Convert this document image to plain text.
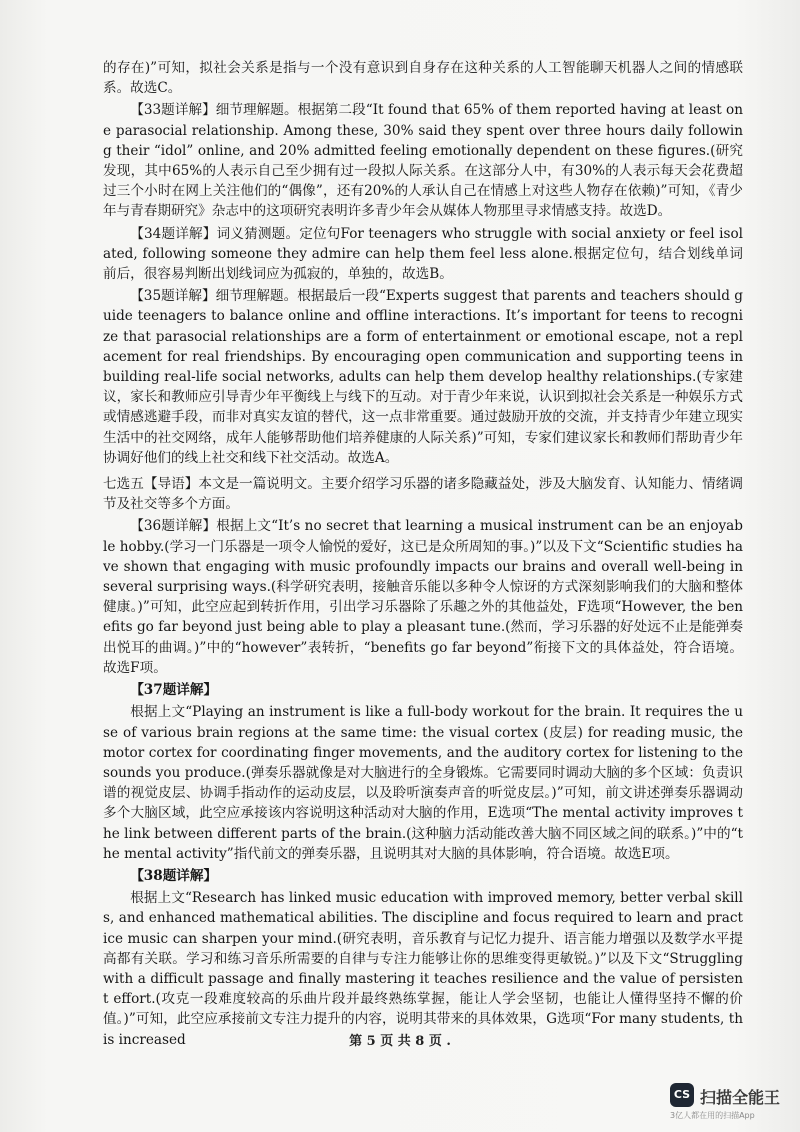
的存在)”可知，拟社会关系是指与一个没有意识到自身存在这种关系的人工智能聊天机器人之间的情感联系。故选C。

【33题详解】细节理解题。根据第二段“It found that 65% of them reported having at least one parasocial relationship. Among these, 30% said they spent over three hours daily following their “idol” online, and 20% admitted feeling emotionally dependent on these figures.(研究发现，其中65%的人表示自己至少拥有过一段拟人际关系。在这部分人中，有30%的人表示每天会花费超过三个小时在网上关注他们的“偶像”，还有20%的人承认自己在情感上对这些人物存在依赖)”可知，《青少年与青春期研究》杂志中的这项研究表明许多青少年会从媒体人物那里寻求情感支持。故选D。

【34题详解】词义猜测题。定位句For teenagers who struggle with social anxiety or feel isolated, following someone they admire can help them feel less alone.根据定位句，结合划线单词前后，很容易判断出划线词应为孤寂的，单独的，故选B。

【35题详解】细节理解题。根据最后一段“Experts suggest that parents and teachers should guide teenagers to balance online and offline interactions. It’s important for teens to recognize that parasocial relationships are a form of entertainment or emotional escape, not a replacement for real friendships. By encouraging open communication and supporting teens in building real-life social networks, adults can help them develop healthy relationships.(专家建议，家长和教师应引导青少年平衡线上与线下的互动。对于青少年来说，认识到拟社会关系是一种娱乐方式或情感逃避手段，而非对真实友谊的替代，这一点非常重要。通过鼓励开放的交流，并支持青少年建立现实生活中的社交网络，成年人能够帮助他们培养健康的人际关系)”可知，专家们建议家长和教师们帮助青少年协调好他们的线上社交和线下社交活动。故选A。

七选五【导语】本文是一篇说明文。主要介绍学习乐器的诸多隐藏益处，涉及大脑发育、认知能力、情绪调节及社交等多个方面。

【36题详解】根据上文“It’s no secret that learning a musical instrument can be an enjoyable hobby.(学习一门乐器是一项令人愉悦的爱好，这已是众所周知的事。)”以及下文“Scientific studies have shown that engaging with music profoundly impacts our brains and overall well-being in several surprising ways.(科学研究表明，接触音乐能以多种令人惊讶的方式深刻影响我们的大脑和整体健康。)”可知，此空应起到转折作用，引出学习乐器除了乐趣之外的其他益处，F选项“However, the benefits go far beyond just being able to play a pleasant tune.(然而，学习乐器的好处远不止是能弹奏出悦耳的曲调。)”中的“however”表转折，“benefits go far beyond”衔接下文的具体益处，符合语境。故选F项。

【37题详解】

根据上文“Playing an instrument is like a full-body workout for the brain. It requires the use of various brain regions at the same time: the visual cortex (皮层) for reading music, the motor cortex for coordinating finger movements, and the auditory cortex for listening to the sounds you produce.(弹奏乐器就像是对大脑进行的全身锻炼。它需要同时调动大脑的多个区域：负责识谱的视觉皮层、协调手指动作的运动皮层，以及聆听演奏声音的听觉皮层。)”可知，前文讲述弹奏乐器调动多个大脑区域，此空应承接该内容说明这种活动对大脑的作用，E选项“The mental activity improves the link between different parts of the brain.(这种脑力活动能改善大脑不同区域之间的联系。)”中的“the mental activity”指代前文的弹奏乐器，且说明其对大脑的具体影响，符合语境。故选E项。

【38题详解】

根据上文“Research has linked music education with improved memory, better verbal skills, and enhanced mathematical abilities. The discipline and focus required to learn and practice music can sharpen your mind.(研究表明，音乐教育与记忆力提升、语言能力增强以及数学水平提高都有关联。学习和练习音乐所需要的自律与专注力能够让你的思维变得更敏锐。)”以及下文“Struggling with a difficult passage and finally mastering it teaches resilience and the value of persistent effort.(攻克一段难度较高的乐曲片段并最终熟练掌握，能让人学会坚韧，也能让人懂得坚持不懈的价值。)”可知，此空应承接前文专注力提升的内容，说明其带来的具体效果，G选项“For many students, this increased	第 5 页 共 8 页 .
CS 扫描全能王
3亿人都在用的扫描App
